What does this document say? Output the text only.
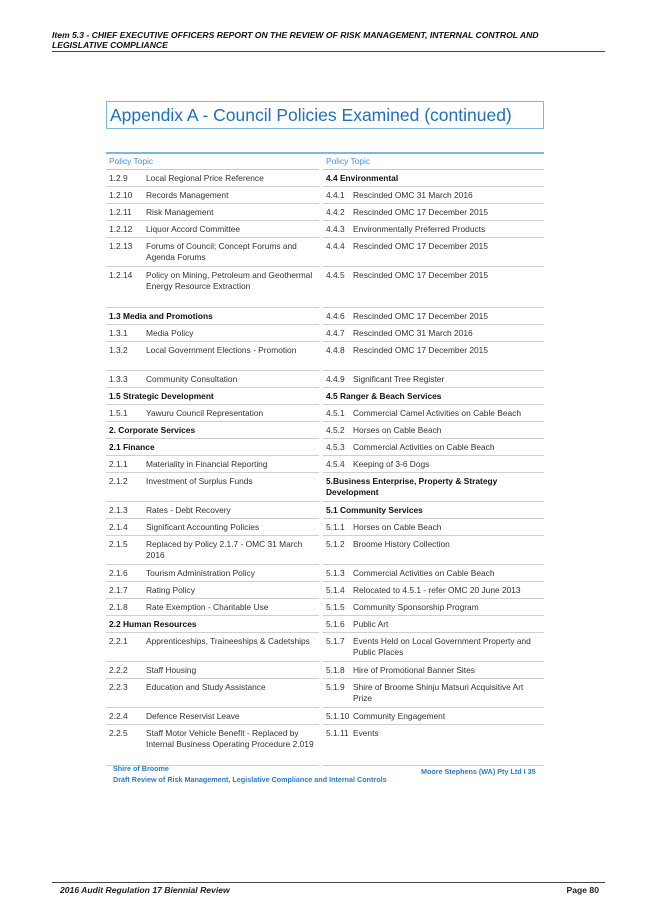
Item 5.3 - CHIEF EXECUTIVE OFFICERS REPORT ON THE REVIEW OF RISK MANAGEMENT, INTERNAL CONTROL AND
LEGISLATIVE COMPLIANCE
Appendix A - Council Policies Examined (continued)
Policy Topic
1.2.9 Local Regional Price Reference
1.2.10 Records Management
1.2.11 Risk Management
1.2.12 Liquor Accord Committee
1.2.13 Forums of Council; Concept Forums and Agenda Forums
1.2.14 Policy on Mining, Petroleum and Geothermal Energy Resource Extraction
1.3 Media and Promotions
1.3.1 Media Policy
1.3.2 Local Government Elections - Promotion
1.3.3 Community Consultation
1.5 Strategic Development
1.5.1 Yawuru Council Representation
2. Corporate Services
2.1 Finance
2.1.1 Materiality in Financial Reporting
2.1.2 Investment of Surplus Funds
2.1.3 Rates - Debt Recovery
2.1.4 Significant Accounting Policies
2.1.5 Replaced by Policy 2.1.7 - OMC 31 March 2016
2.1.6 Tourism Administration Policy
2.1.7 Rating Policy
2.1.8 Rate Exemption - Charitable Use
2.2 Human Resources
2.2.1 Apprenticeships, Traineeships & Cadetships
2.2.2 Staff Housing
2.2.3 Education and Study Assistance
2.2.4 Defence Reservist Leave
2.2.5 Staff Motor Vehicle Benefit - Replaced by Internal Business Operating Procedure 2.019
Policy Topic
4.4 Environmental
4.4.1 Rescinded OMC 31 March 2016
4.4.2 Rescinded OMC 17 December 2015
4.4.3 Environmentally Preferred Products
4.4.4 Rescinded OMC 17 December 2015
4.4.5 Rescinded OMC 17 December 2015
4.4.6 Rescinded OMC 17 December 2015
4.4.7 Rescinded OMC 31 March 2016
4.4.8 Rescinded OMC 17 December 2015
4.4.9 Significant Tree Register
4.5 Ranger & Beach Services
4.5.1 Commercial Camel Activities on Cable Beach
4.5.2 Horses on Cable Beach
4.5.3 Commercial Activities on Cable Beach
4.5.4 Keeping of 3-6 Dogs
5.Business Enterprise, Property & Strategy Development
5.1 Community Services
5.1.1 Horses on Cable Beach
5.1.2 Broome History Collection
5.1.3 Commercial Activities on Cable Beach
5.1.4 Relocated to 4.5.1 - refer OMC 20 June 2013
5.1.5 Community Sponsorship Program
5.1.6 Public Art
5.1.7 Events Held on Local Government Property and Public Places
5.1.8 Hire of Promotional Banner Sites
5.1.9 Shire of Broome Shinju Matsuri Acquisitive Art Prize
5.1.10 Community Engagement
5.1.11 Events
Shire of Broome
Draft Review of Risk Management, Legislative Compliance and Internal Controls
Moore Stephens (WA) Pty Ltd I 35
2016 Audit Regulation 17 Biennial Review	Page 80
